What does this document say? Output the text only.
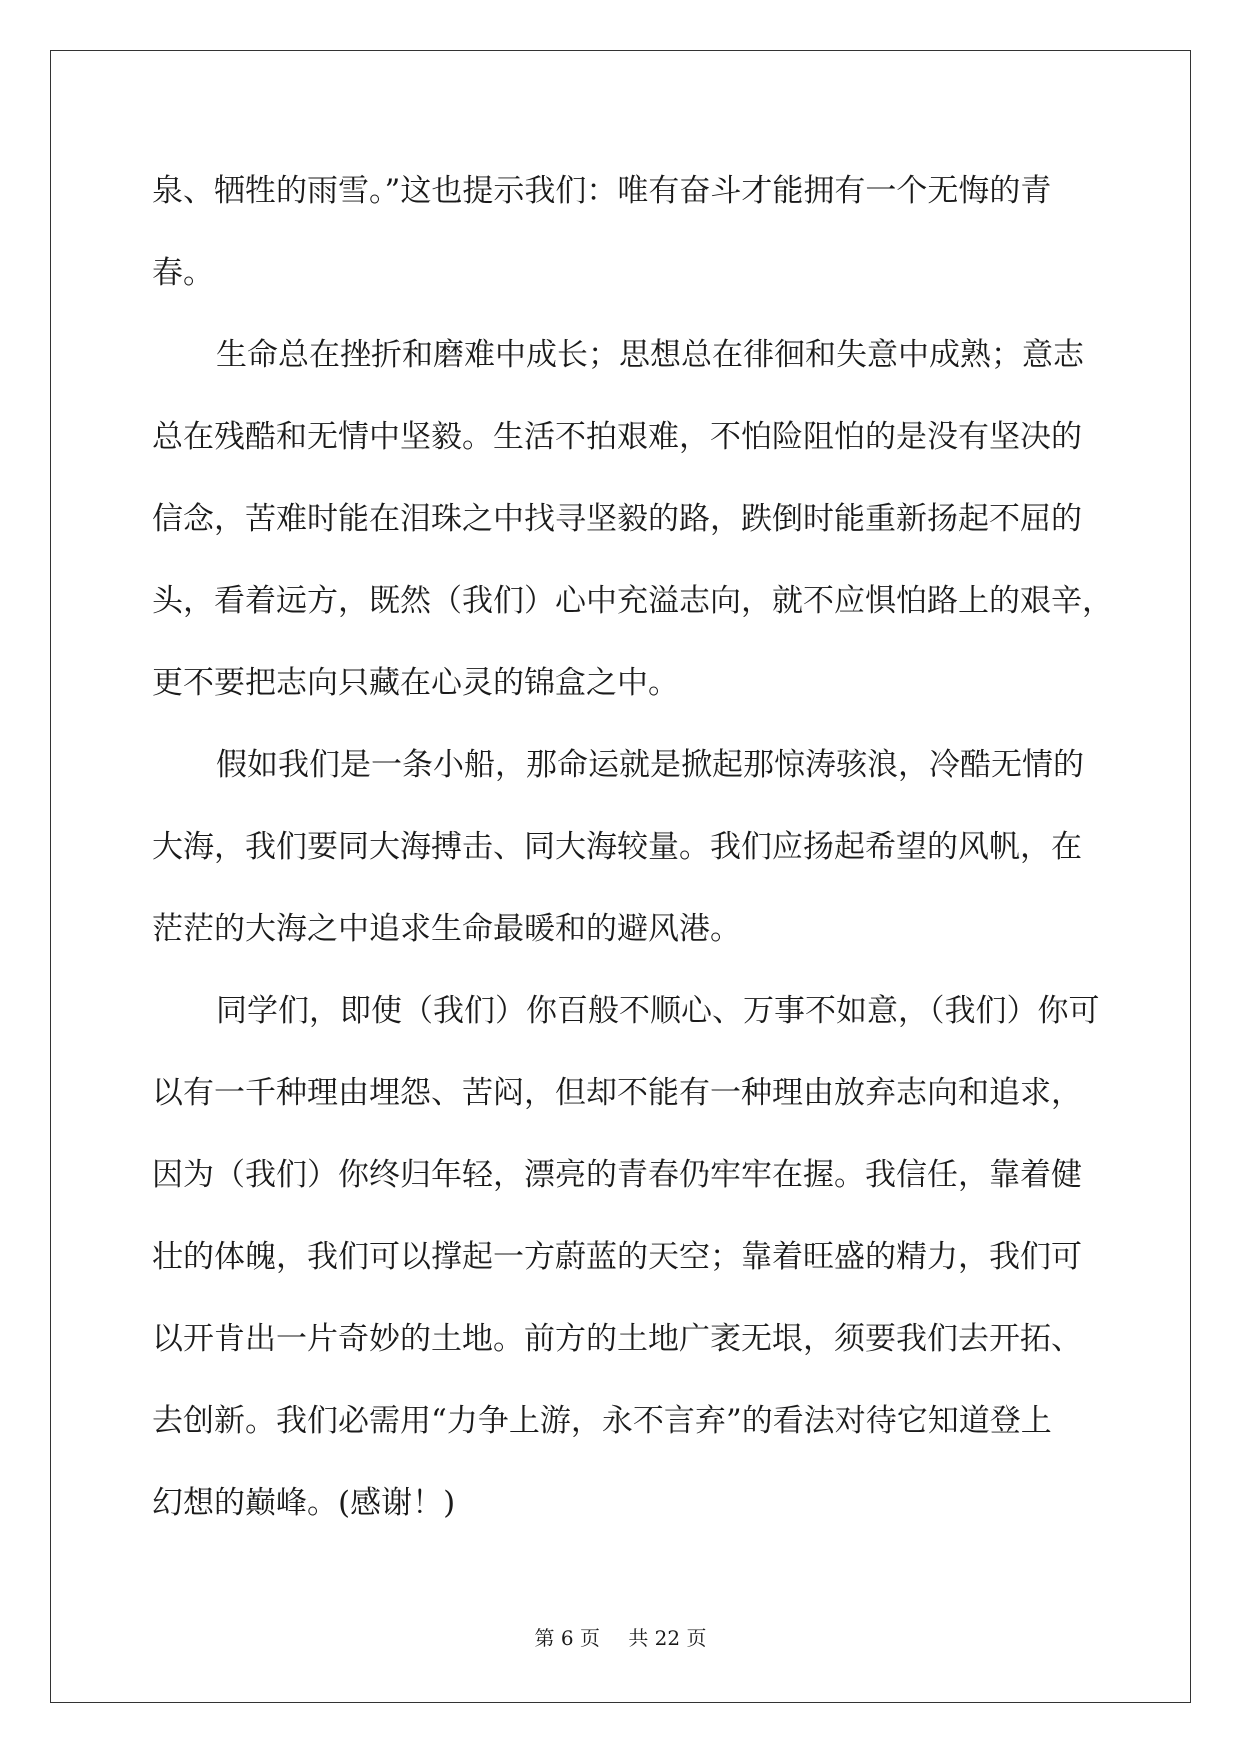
泉、牺牲的雨雪。”这也提示我们：唯有奋斗才能拥有一个无悔的青
春。
生命总在挫折和磨难中成长；思想总在徘徊和失意中成熟；意志
总在残酷和无情中坚毅。生活不拍艰难，不怕险阻怕的是没有坚决的
信念，苦难时能在泪珠之中找寻坚毅的路，跌倒时能重新扬起不屈的
头，看着远方，既然（我们）心中充溢志向，就不应惧怕路上的艰辛，
更不要把志向只藏在心灵的锦盒之中。
假如我们是一条小船，那命运就是掀起那惊涛骇浪，冷酷无情的
大海，我们要同大海搏击、同大海较量。我们应扬起希望的风帆，在
茫茫的大海之中追求生命最暖和的避风港。
同学们，即使（我们）你百般不顺心、万事不如意，（我们）你可
以有一千种理由埋怨、苦闷，但却不能有一种理由放弃志向和追求，
因为（我们）你终归年轻，漂亮的青春仍牢牢在握。我信任，靠着健
壮的体魄，我们可以撑起一方蔚蓝的天空；靠着旺盛的精力，我们可
以开肯出一片奇妙的土地。前方的土地广袤无垠，须要我们去开拓、
去创新。我们必需用“力争上游，永不言弃”的看法对待它知道登上
幻想的巅峰。(感谢！)
第 6 页 共 22 页
